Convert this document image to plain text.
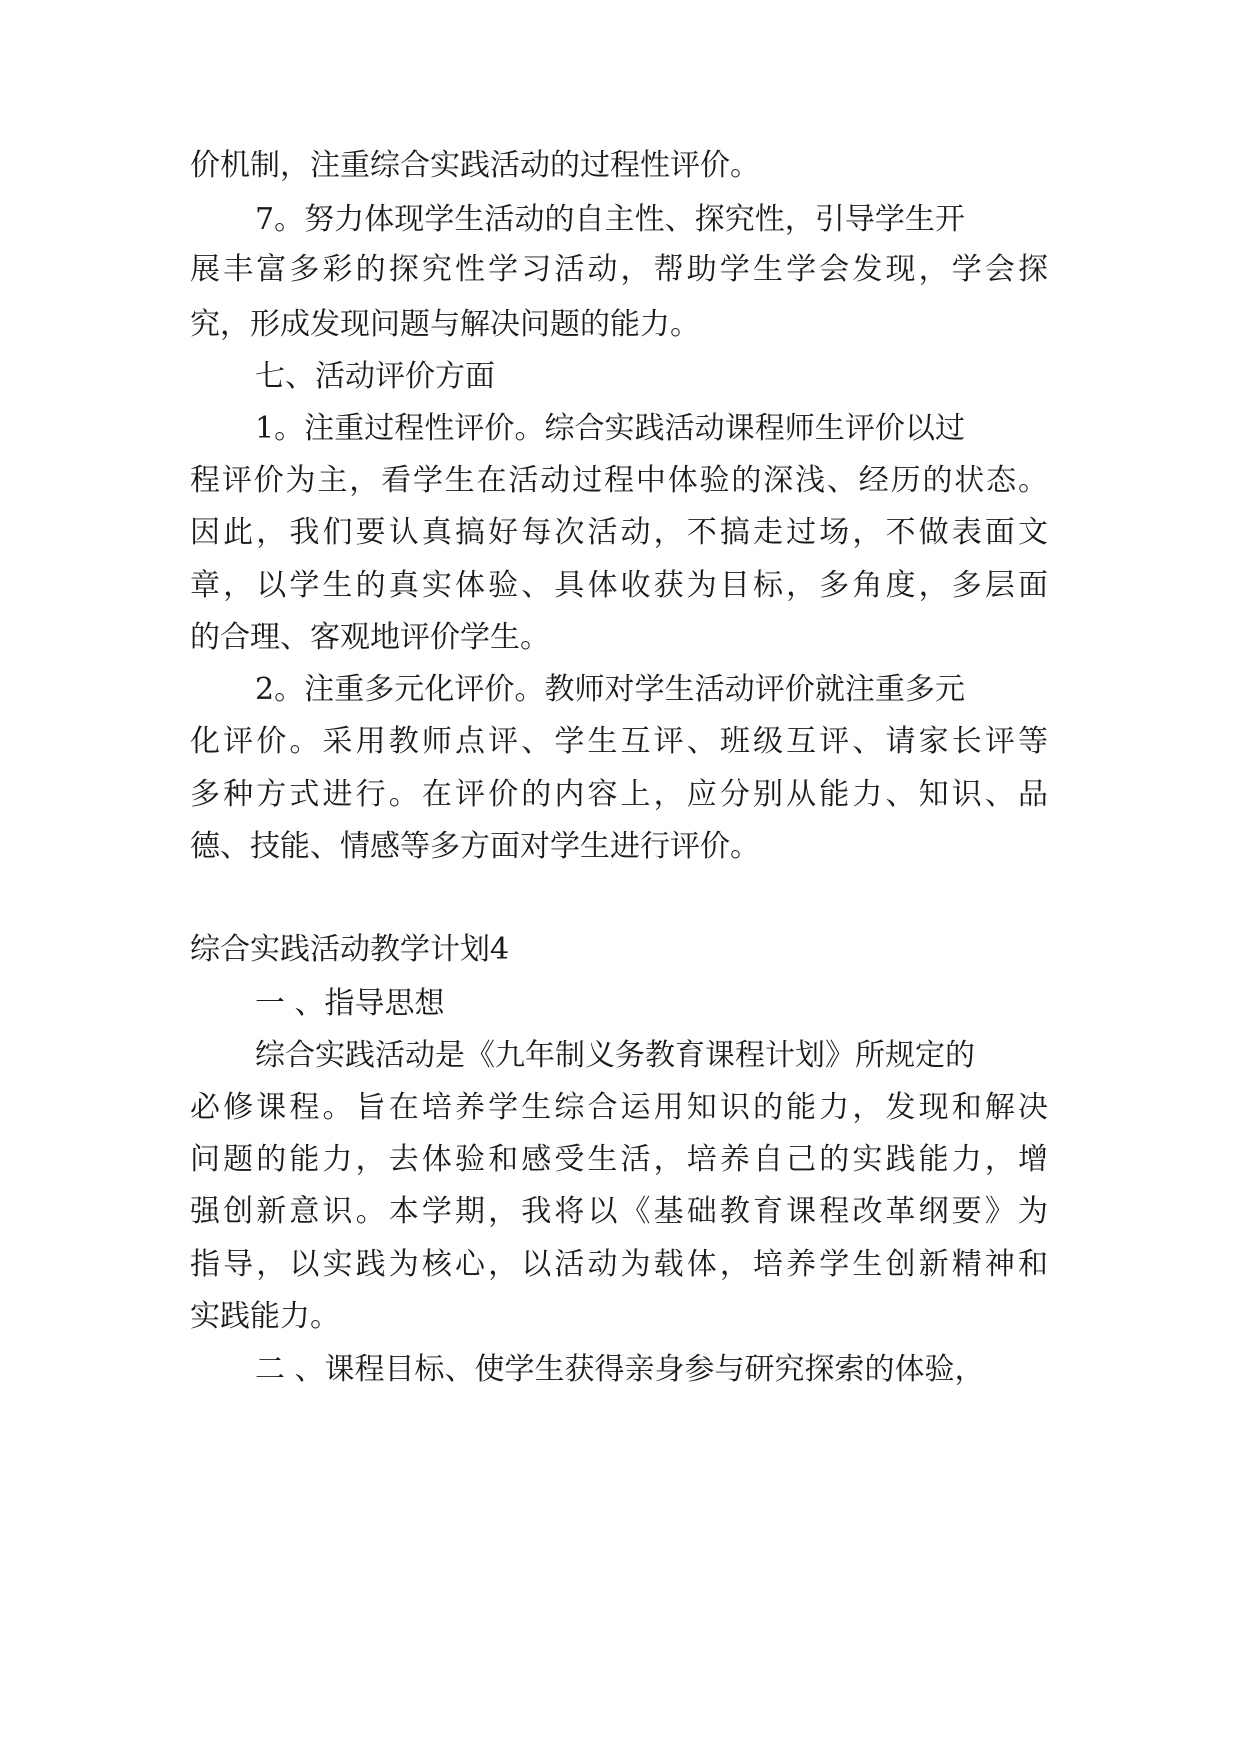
价机制，注重综合实践活动的过程性评价。
7。努力体现学生活动的自主性、探究性，引导学生开
展丰富多彩的探究性学习活动，帮助学生学会发现，学会探
究，形成发现问题与解决问题的能力。
七、活动评价方面
1。注重过程性评价。综合实践活动课程师生评价以过
程评价为主，看学生在活动过程中体验的深浅、经历的状态。
因此，我们要认真搞好每次活动，不搞走过场，不做表面文
章，以学生的真实体验、具体收获为目标，多角度，多层面
的合理、客观地评价学生。
2。注重多元化评价。教师对学生活动评价就注重多元
化评价。采用教师点评、学生互评、班级互评、请家长评等
多种方式进行。在评价的内容上，应分别从能力、知识、品
德、技能、情感等多方面对学生进行评价。
综合实践活动教学计划4
一 、指导思想
综合实践活动是《九年制义务教育课程计划》所规定的
必修课程。旨在培养学生综合运用知识的能力，发现和解决
问题的能力，去体验和感受生活，培养自己的实践能力，增
强创新意识。本学期，我将以《基础教育课程改革纲要》为
指导，以实践为核心，以活动为载体，培养学生创新精神和
实践能力。
二 、课程目标、使学生获得亲身参与研究探索的体验，
